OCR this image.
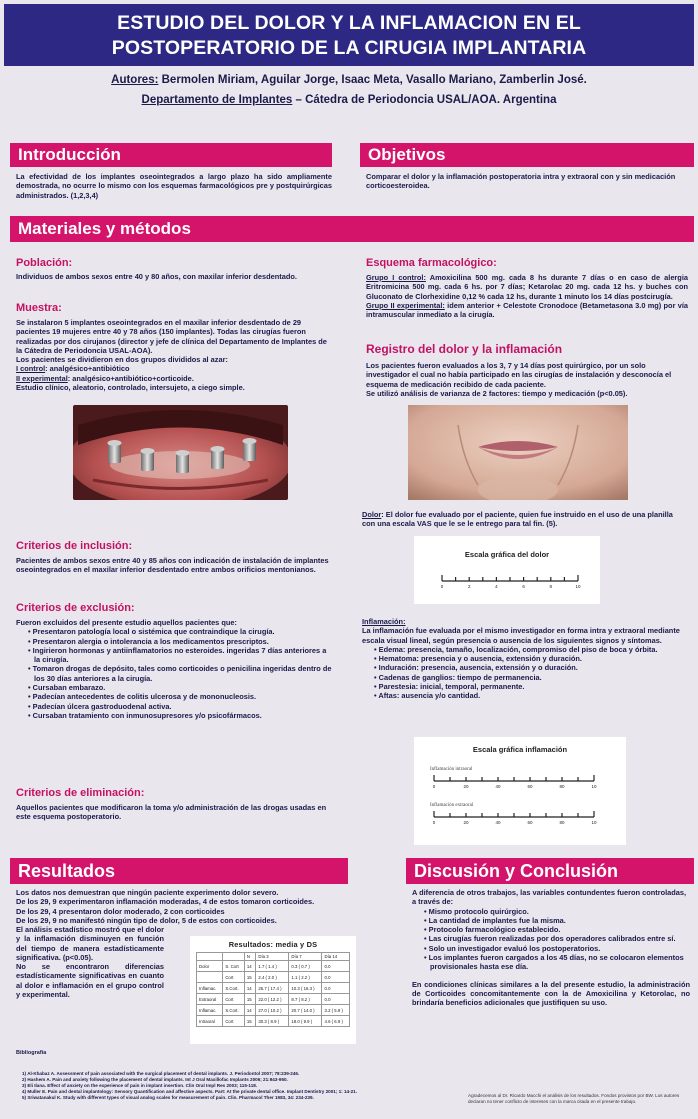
ESTUDIO DEL DOLOR Y LA INFLAMACION EN EL
POSTOPERATORIO DE LA CIRUGIA IMPLANTARIA
Autores: Bermolen Miriam, Aguilar Jorge, Isaac Meta, Vasallo Mariano, Zamberlin José.
Departamento de Implantes – Cátedra de Periodoncia USAL/AOA. Argentina
Introducción
La efectividad de los implantes oseointegrados a largo plazo ha sido ampliamente demostrada, no ocurre lo mismo con los esquemas farmacológicos pre y postquirúrgicas administrados. (1,2,3,4)
Objetivos
Comparar el dolor y la inflamación postoperatoria intra y extraoral con y sin medicación corticoesteroidea.
Materiales y métodos
Población:
Individuos de ambos sexos entre 40 y 80 años, con maxilar inferior desdentado.
Muestra:
Se instalaron 5 implantes oseointegrados en el maxilar inferior desdentado de 29 pacientes 19 mujeres entre 40 y 78 años (150 implantes). Todas las cirugías fueron realizadas por dos cirujanos (director y jefe de clínica del Departamento de Implantes de la Cátedra de Periodoncia USAL-AOA).
Los pacientes se dividieron en dos grupos divididos al azar:
I control: analgésico+antibiótico
II experimental: analgésico+antibiótico+corticoide.
Estudio clínico, aleatorio, controlado, intersujeto, a ciego simple.
Criterios de inclusión:
Pacientes de ambos sexos entre 40 y 85 años con indicación de instalación de implantes oseointegrados en el maxilar inferior desdentado entre ambos orificios mentonianos.
Criterios de exclusión:
Fueron excluidos del presente estudio aquellos pacientes que:
• Presentaron patología local o sistémica que contraindique la cirugía.
• Presentaron alergia o intolerancia a los medicamentos prescriptos.
• Ingirieron hormonas y antiinflamatorios no esteroides. ingeridas 7 días anteriores a la cirugía.
• Tomaron drogas de depósito, tales como corticoides o penicilina ingeridas dentro de los 30 días anteriores a la cirugía.
• Cursaban embarazo.
• Padecían antecedentes de colitis ulcerosa y de mononucleosis.
• Padecían úlcera gastroduodenal activa.
• Cursaban tratamiento con inmunosupresores y/o psicofármacos.
Criterios de eliminación:
Aquellos pacientes que modificaron la toma y/o administración de las drogas usadas en este esquema postoperatorio.
Esquema farmacológico:
Grupo I control: Amoxicilina 500 mg. cada 8 hs durante 7 días o en caso de alergia Eritromicina 500 mg. cada 6 hs. por 7 días; Ketarolac 20 mg. cada 12 hs. y buches con Gluconato de Clorhexidine 0,12 % cada 12 hs, durante 1 minuto los 14 días postcirugía.
Grupo II experimental: idem anterior + Celestote Cronodoce (Betametasona 3.0 mg) por vía intramuscular inmediato a la cirugía.
Registro del dolor y la inflamación
Los pacientes fueron evaluados a los 3, 7 y 14 días post quirúrgico, por un solo investigador el cual no había participado en las cirugías de instalación y desconocía el esquema de medicación recibido de cada paciente.
Se utilizó análisis de varianza de 2 factores: tiempo y medicación (p<0.05).
Dolor: El dolor fue evaluado por el paciente, quien fue instruido en el uso de una planilla con una escala VAS que le se le entrego para tal fin. (5).
Escala gráfica del dolor
0	2	4	6	8	10
Inflamación:
La inflamación fue evaluada por el mismo investigador en forma intra y extraoral mediante escala visual lineal, según presencia o ausencia de los siguientes signos y síntomas.
• Edema: presencia, tamaño, localización, compromiso del piso de boca y órbita.
• Hematoma: presencia y o ausencia, extensión y duración.
• Induración: presencia, ausencia, extensión y o duración.
• Cadenas de ganglios: tiempo de permanencia.
• Parestesia: inicial, temporal, permanente.
• Aftas: ausencia y/o cantidad.
Escala gráfica inflamación
Inflamación intraoral
Inflamación extraoral
0
0
20
20
40
40
60
60
80
80
10
10
Resultados
Los datos nos demuestran que ningún paciente experimento dolor severo.
De los 29, 9 experimentaron inflamación moderadas, 4 de estos tomaron corticoides.
De los 29, 4 presentaron dolor moderado, 2 con corticoides
De los 29, 9 no manifestó ningún tipo de dolor, 5 de estos con corticoides.
El análisis estadístico mostró que el dolor y la inflamación disminuyen en función del tiempo de manera estadísticamente significativa. (p<0.05).
No se encontraron diferencias estadísticamente significativas en cuanto al dolor e inflamación en el grupo control y experimental.
Resultados: media y DS
		N	Día 3	Día 7	Día 14
Dolor	S. Cort	14	1.7 ( 1.4 )	0.3 ( 0.7 )	0.0
	Cort	15	2.4 ( 2.0 )	1.1 ( 2.2 )	0.0
Inflamac.	S.Cort.	14	25.7 ( 17.4 )	10.3 ( 16.3 )	0.0
Extraoral	Cort	15	22.0 ( 12.2 )	8.7 ( 8.2 )	0.0
Inflamac.	S.Cort.	14	27.0 ( 10.2 )	20.7 ( 14.0 )	3.2 ( 5.9 )
Intraoral	Cort	15	30.3 ( 8.9 )	18.0 ( 9.9 )	4.6 ( 6.9 )
Discusión y Conclusión
A diferencia de otros trabajos, las variables contundentes fueron controladas, a través de:
• Mismo protocolo quirúrgico.
• La cantidad de implantes fue la misma.
• Protocolo farmacológico establecido.
• Las cirugías fueron realizadas por dos operadores calibrados entre sí.
• Solo un investigador evaluó los postoperatorios.
• Los implantes fueron cargados a los 45 días, no se colocaron elementos provisionales hasta ese día.
En condiciones clínicas similares a la del presente estudio, la administración de Corticoides concomitantemente con la de Amoxicilina y Ketorolac, no brindaría beneficios adicionales que justifiquen su uso.
Bibliografía
1) Al-Khabaz A. Assessment of pain associated with the surgical placement of dental implants. J. Periodontol 2007; 78:239-246.
2) Hashem A. Pain and anxiety following the placement of dental implants. Int J Oral Maxillofac Implants 2006; 21:943-950.
3) Eli Ilana. Effect of anxiety on the experience of pain in implant insertion. Clin Oral Impl Res 2003; 115-118.
4) Muller E. Pain and dental implantology: Sensory Quantification and affective aspects. Part: At the private dental office. Implant Dentistry 2001; 1: 14-21.
5) Sriwatanakul K. Study with different types of visual analog scales for measurement of pain. Clin. Pharmacol Ther 1983, 34: 234-239.	Agradecemos al Dr. Ricardo Macchi el análisis de los resultados. Fondos provistos por BW. Los autores declaran no tener conflicto de intereses con la marca citada en el presente trabajo.
